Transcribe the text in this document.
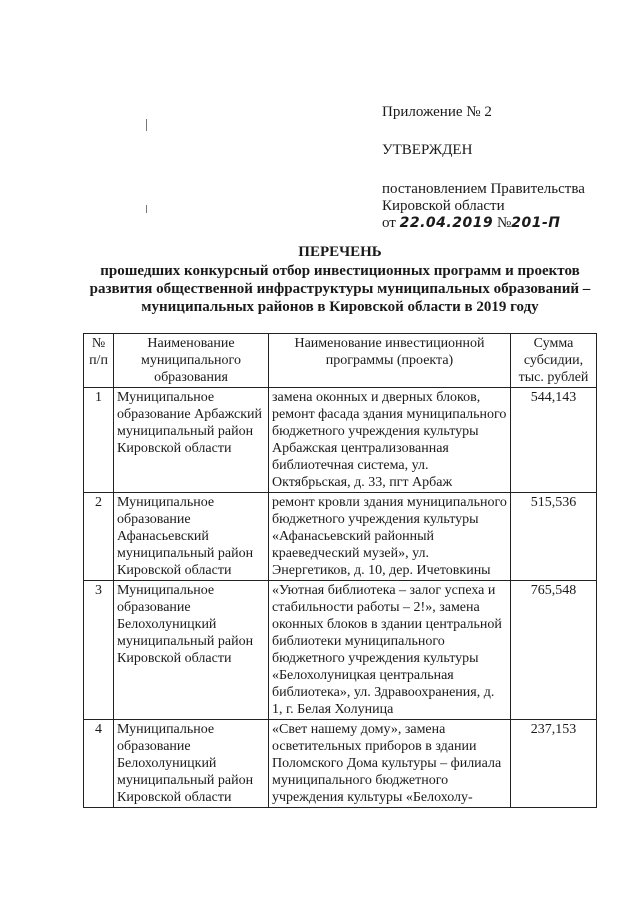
Приложение № 2
УТВЕРЖДЕН
постановлением Правительства
Кировской области
от 22.04.2019 №201-П
ПЕРЕЧЕНЬ
прошедших конкурсный отбор инвестиционных программ и проектов
развития общественной инфраструктуры муниципальных образований –
муниципальных районов в Кировской области в 2019 году
№ п/п	Наименование муниципального образования	Наименование инвестиционной программы (проекта)	Сумма субсидии, тыс. рублей
1	Муниципальное образование Арбажский муниципальный район Кировской области	замена оконных и дверных блоков, ремонт фасада здания муниципального бюджетного учреждения культуры Арбажская централизованная библиотечная система, ул. Октябрьская, д. 33, пгт Арбаж	544,143
2	Муниципальное образование Афанасьевский муниципальный район Кировской области	ремонт кровли здания муниципального бюджетного учреждения культуры «Афанасьевский районный краеведческий музей», ул. Энергетиков, д. 10, дер. Ичетовкины	515,536
3	Муниципальное образование Белохолуницкий муниципальный район Кировской области	«Уютная библиотека – залог успеха и стабильности работы – 2!», замена оконных блоков в здании центральной библиотеки муниципального бюджетного учреждения культуры «Белохолуницкая центральная библиотека», ул. Здравоохранения, д. 1, г. Белая Холуница	765,548
4	Муниципальное образование Белохолуницкий муниципальный район Кировской области	«Свет нашему дому», замена осветительных приборов в здании Поломского Дома культуры – филиала муниципального бюджетного учреждения культуры «Белохолу-	237,153
